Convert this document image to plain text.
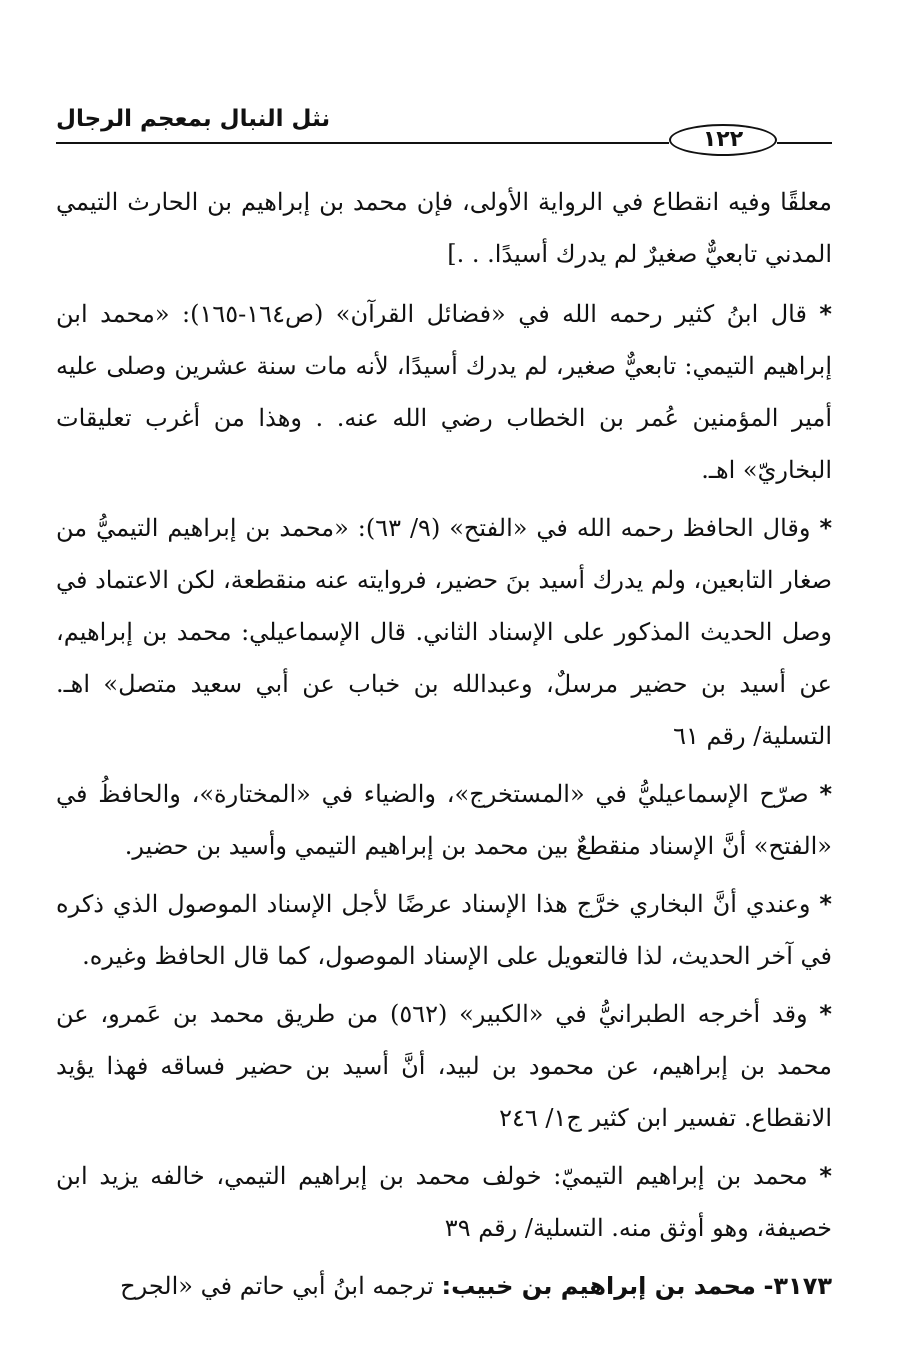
نثل النبال بمعجم الرجال
١٢٢

معلقًا وفيه انقطاع في الرواية الأولى، فإن محمد بن إبراهيم بن الحارث التيمي المدني تابعيٌّ صغيرٌ لم يدرك أسيدًا. . .]

* قال ابنُ كثير رحمه الله في «فضائل القرآن» (ص١٦٤-١٦٥): «محمد ابن إبراهيم التيمي: تابعيٌّ صغير، لم يدرك أسيدًا، لأنه مات سنة عشرين وصلى عليه أمير المؤمنين عُمر بن الخطاب رضي الله عنه. . وهذا من أغرب تعليقات البخاريّ» اهـ.

* وقال الحافظ رحمه الله في «الفتح» (٩/ ٦٣): «محمد بن إبراهيم التيميُّ من صغار التابعين، ولم يدرك أسيد بنَ حضير، فروايته عنه منقطعة، لكن الاعتماد في وصل الحديث المذكور على الإسناد الثاني. قال الإسماعيلي: محمد بن إبراهيم، عن أسيد بن حضير مرسلٌ، وعبدالله بن خباب عن أبي سعيد متصل» اهـ. التسلية/ رقم ٦١

* صرّح الإسماعيليُّ في «المستخرج»، والضياء في «المختارة»، والحافظُ في «الفتح» أنَّ الإسناد منقطعٌ بين محمد بن إبراهيم التيمي وأسيد بن حضير.

* وعندي أنَّ البخاري خرَّج هذا الإسناد عرضًا لأجل الإسناد الموصول الذي ذكره في آخر الحديث، لذا فالتعويل على الإسناد الموصول، كما قال الحافظ وغيره.

* وقد أخرجه الطبرانيُّ في «الكبير» (٥٦٢) من طريق محمد بن عَمرو، عن محمد بن إبراهيم، عن محمود بن لبيد، أنَّ أسيد بن حضير فساقه فهذا يؤيد الانقطاع. تفسير ابن كثير ج١/ ٢٤٦

* محمد بن إبراهيم التيميّ: خولف محمد بن إبراهيم التيمي، خالفه يزيد ابن خصيفة، وهو أوثق منه. التسلية/ رقم ٣٩

٣١٧٣- محمد بن إبراهيم بن خبيب: ترجمه ابنُ أبي حاتم في «الجرح
